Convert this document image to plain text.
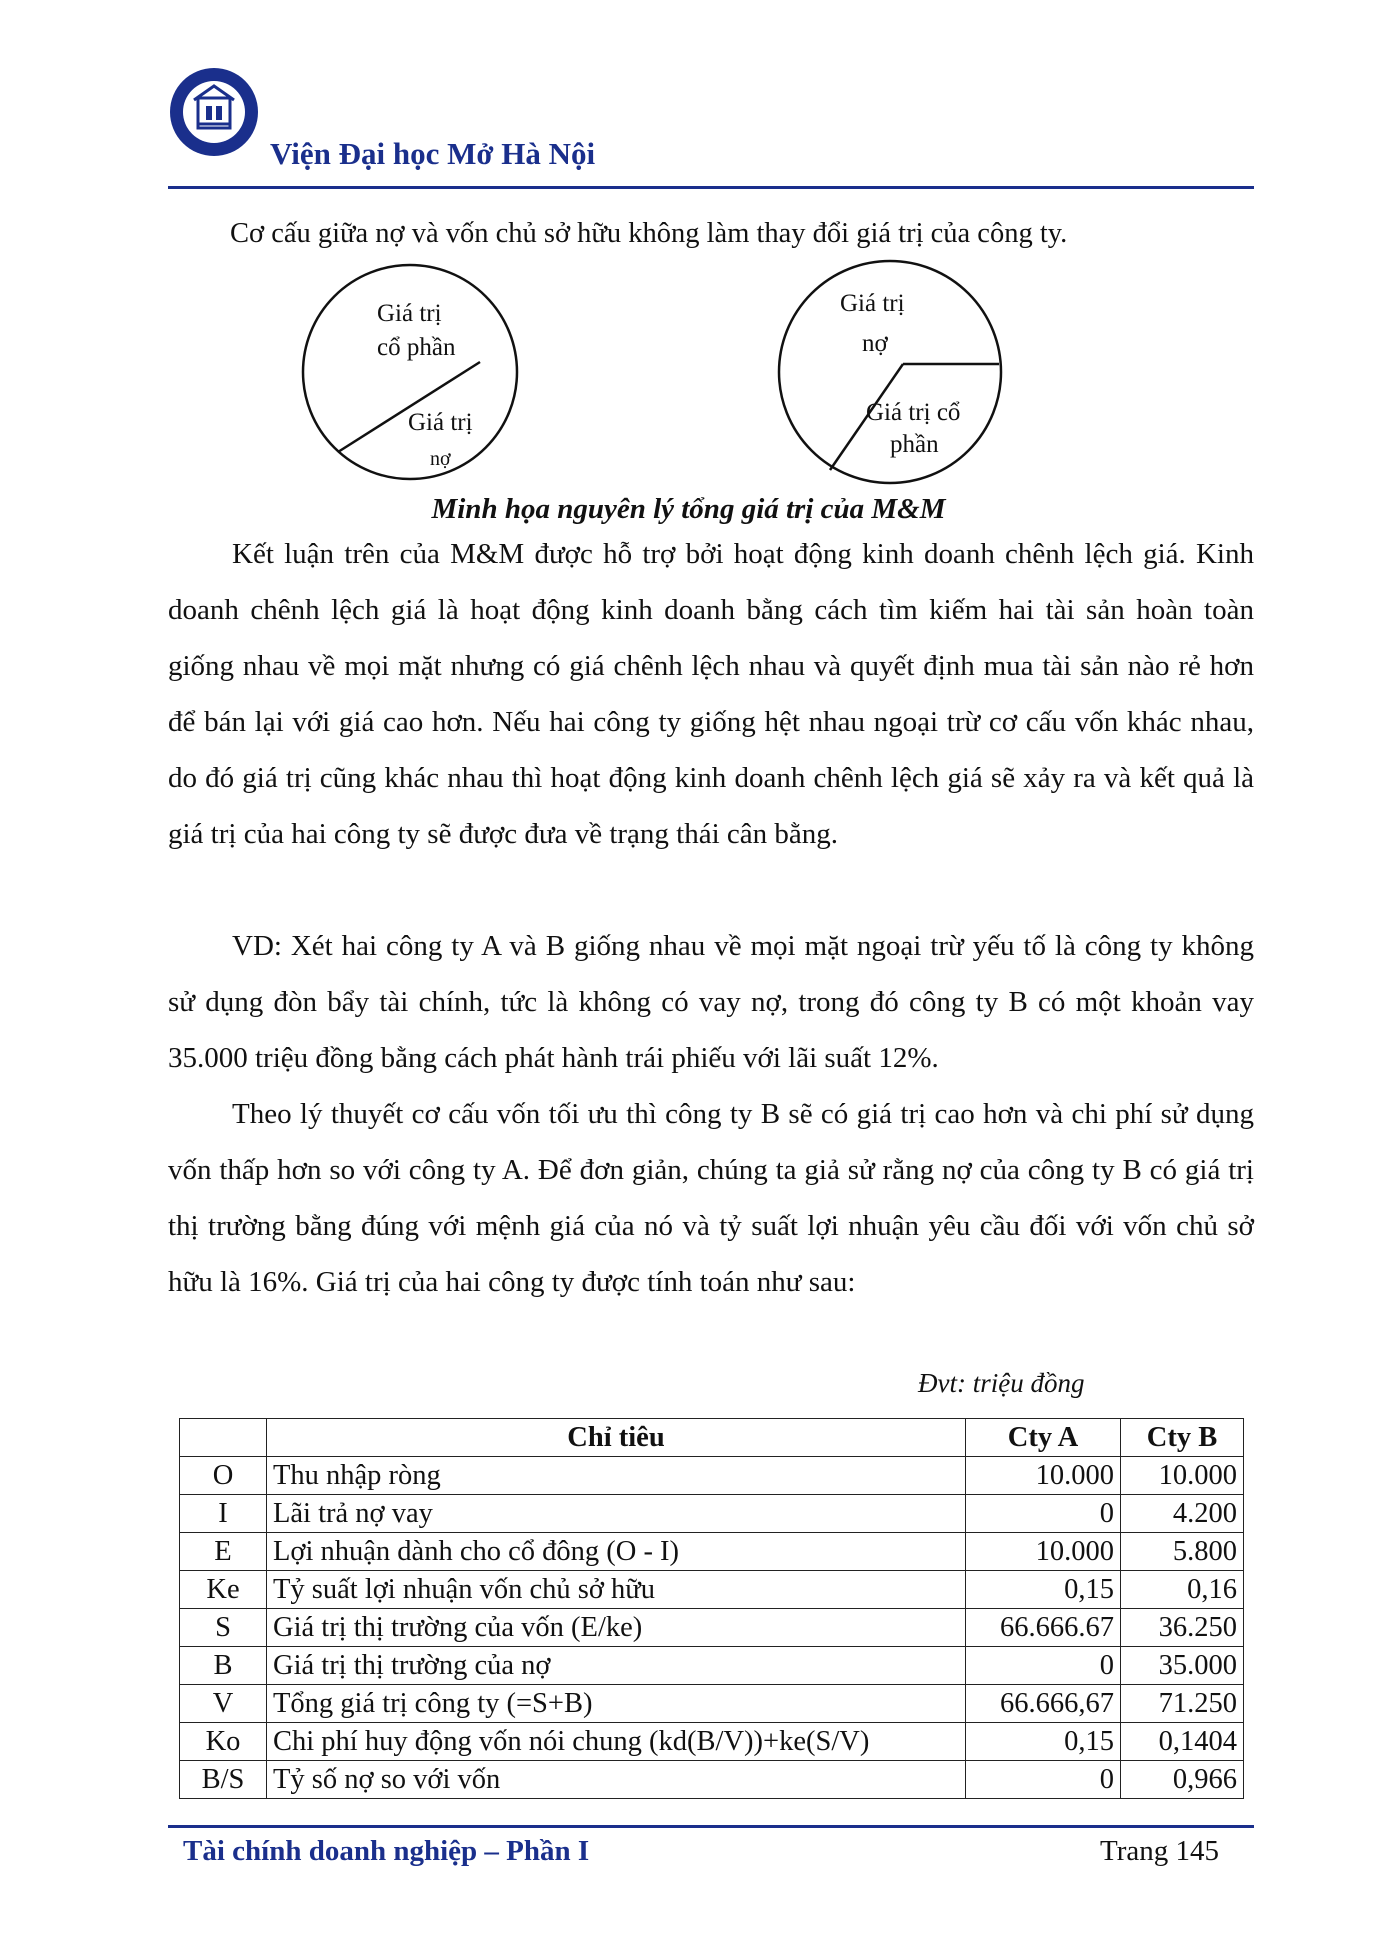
Viện Đại học Mở Hà Nội
Cơ cấu giữa nợ và vốn chủ sở hữu không làm thay đổi giá trị của công ty.
Giá trị
cổ phần
Giá trị
nợ
Giá trị
nợ
Giá trị cổ
phần
Minh họa nguyên lý tổng giá trị của M&M
Kết luận trên của M&M được hỗ trợ bởi hoạt động kinh doanh chênh lệch giá. Kinh doanh chênh lệch giá là hoạt động kinh doanh bằng cách tìm kiếm hai tài sản hoàn toàn giống nhau về mọi mặt nhưng có giá chênh lệch nhau và quyết định mua tài sản nào rẻ hơn để bán lại với giá cao hơn. Nếu hai công ty giống hệt nhau ngoại trừ cơ cấu vốn khác nhau, do đó giá trị cũng khác nhau thì hoạt động kinh doanh chênh lệch giá sẽ xảy ra và kết quả là giá trị của hai công ty sẽ được đưa về trạng thái cân bằng.
VD: Xét hai công ty A và B giống nhau về mọi mặt ngoại trừ yếu tố là công ty không sử dụng đòn bẩy tài chính, tức là không có vay nợ, trong đó công ty B có một khoản vay 35.000 triệu đồng bằng cách phát hành trái phiếu với lãi suất 12%.
Theo lý thuyết cơ cấu vốn tối ưu thì công ty B sẽ có giá trị cao hơn và chi phí sử dụng vốn thấp hơn so với công ty A. Để đơn giản, chúng ta giả sử rằng nợ của công ty B có giá trị thị trường bằng đúng với mệnh giá của nó và tỷ suất lợi nhuận yêu cầu đối với vốn chủ sở hữu là 16%. Giá trị của hai công ty được tính toán như sau:
Đvt: triệu đồng
	Chỉ tiêu	Cty A	Cty B
O	Thu nhập ròng	10.000	10.000
I	Lãi trả nợ vay	0	4.200
E	Lợi nhuận dành cho cổ đông (O - I)	10.000	5.800
Ke	Tỷ suất lợi nhuận vốn chủ sở hữu	0,15	0,16
S	Giá trị thị trường của vốn (E/ke)	66.666.67	36.250
B	Giá trị thị trường của nợ	0	35.000
V	Tổng giá trị công ty (=S+B)	66.666,67	71.250
Ko	Chi phí huy động vốn nói chung (kd(B/V))+ke(S/V)	0,15	0,1404
B/S	Tỷ số nợ so với vốn	0	0,966
Tài chính doanh nghiệp – Phần I	Trang 145
